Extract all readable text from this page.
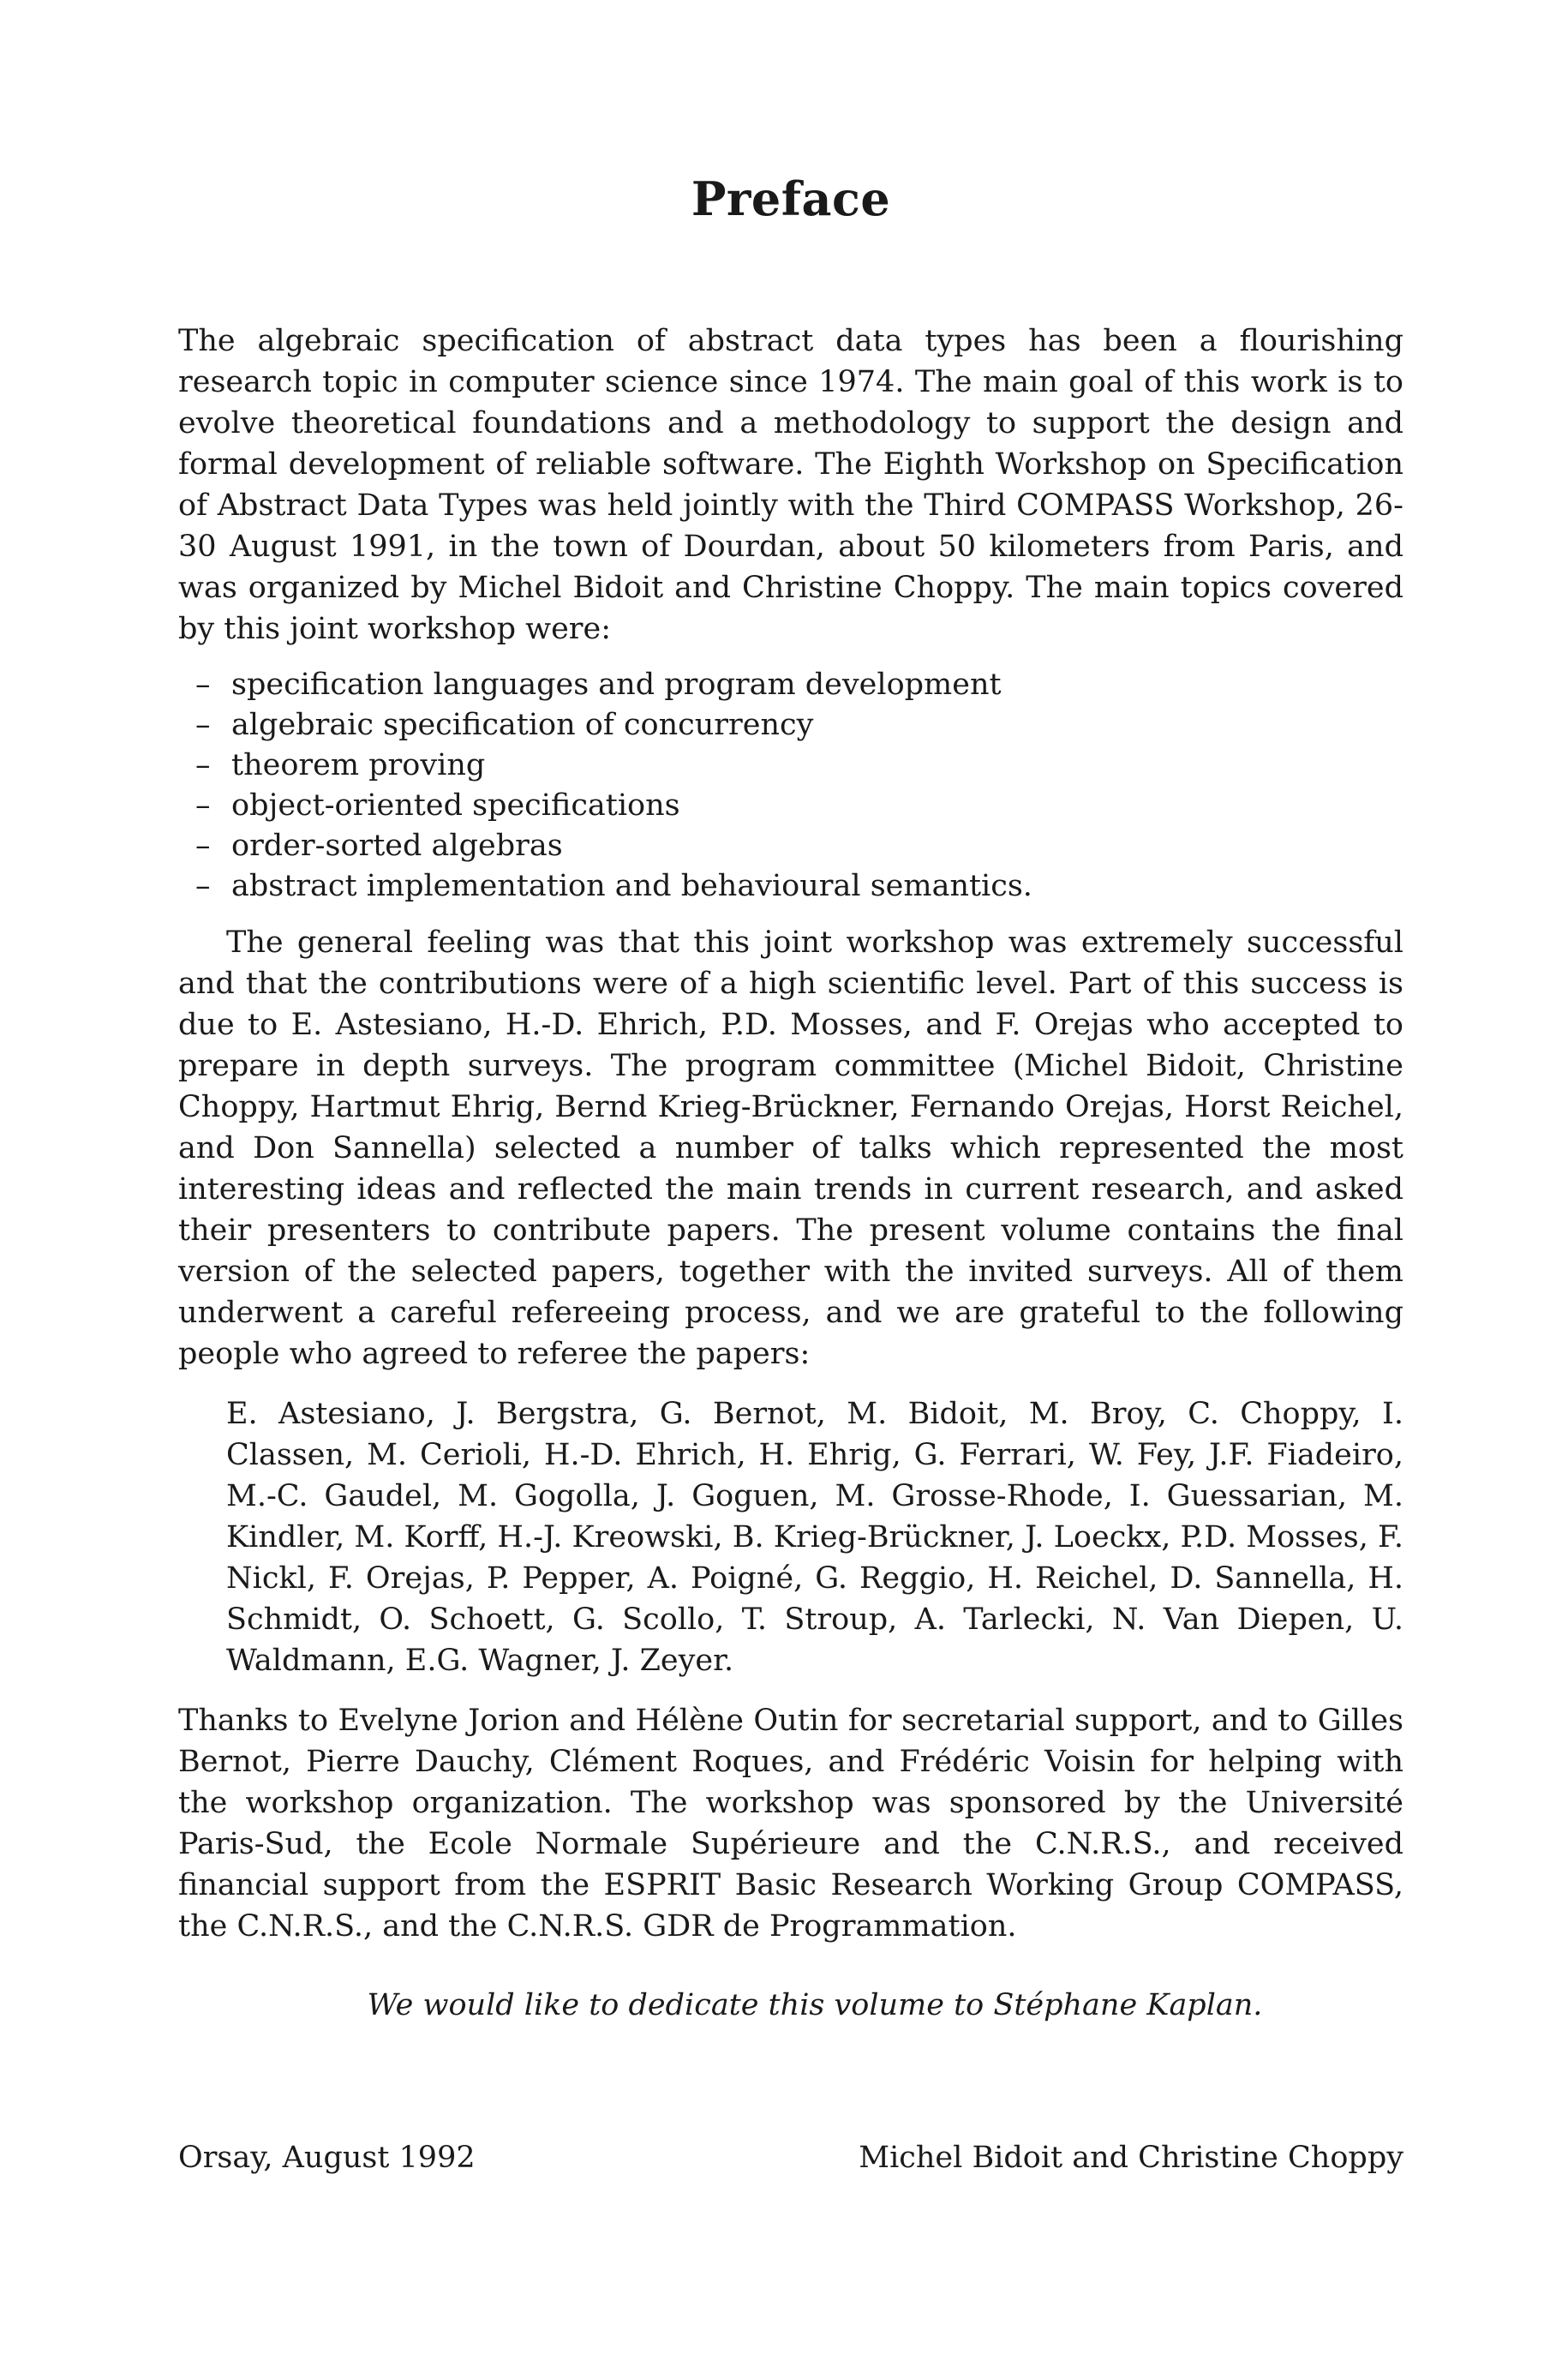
Preface

The algebraic specification of abstract data types has been a flourishing research topic in computer science since 1974. The main goal of this work is to evolve theoretical foundations and a methodology to support the design and formal development of reliable software. The Eighth Workshop on Specification of Abstract Data Types was held jointly with the Third COMPASS Workshop, 26-30 August 1991, in the town of Dourdan, about 50 kilometers from Paris, and was organized by Michel Bidoit and Christine Choppy. The main topics covered by this joint workshop were:

– specification languages and program development
– algebraic specification of concurrency
– theorem proving
– object-oriented specifications
– order-sorted algebras
– abstract implementation and behavioural semantics.

The general feeling was that this joint workshop was extremely successful and that the contributions were of a high scientific level. Part of this success is due to E. Astesiano, H.-D. Ehrich, P.D. Mosses, and F. Orejas who accepted to prepare in depth surveys. The program committee (Michel Bidoit, Christine Choppy, Hartmut Ehrig, Bernd Krieg-Brückner, Fernando Orejas, Horst Reichel, and Don Sannella) selected a number of talks which represented the most interesting ideas and reflected the main trends in current research, and asked their presenters to contribute papers. The present volume contains the final version of the selected papers, together with the invited surveys. All of them underwent a careful refereeing process, and we are grateful to the following people who agreed to referee the papers:

E. Astesiano, J. Bergstra, G. Bernot, M. Bidoit, M. Broy, C. Choppy, I. Classen, M. Cerioli, H.-D. Ehrich, H. Ehrig, G. Ferrari, W. Fey, J.F. Fiadeiro, M.-C. Gaudel, M. Gogolla, J. Goguen, M. Grosse-Rhode, I. Guessarian, M. Kindler, M. Korff, H.-J. Kreowski, B. Krieg-Brückner, J. Loeckx, P.D. Mosses, F. Nickl, F. Orejas, P. Pepper, A. Poigné, G. Reggio, H. Reichel, D. Sannella, H. Schmidt, O. Schoett, G. Scollo, T. Stroup, A. Tarlecki, N. Van Diepen, U. Waldmann, E.G. Wagner, J. Zeyer.

Thanks to Evelyne Jorion and Hélène Outin for secretarial support, and to Gilles Bernot, Pierre Dauchy, Clément Roques, and Frédéric Voisin for helping with the workshop organization. The workshop was sponsored by the Université Paris-Sud, the Ecole Normale Supérieure and the C.N.R.S., and received financial support from the ESPRIT Basic Research Working Group COMPASS, the C.N.R.S., and the C.N.R.S. GDR de Programmation.

We would like to dedicate this volume to Stéphane Kaplan.

Orsay, August 1992	Michel Bidoit and Christine Choppy
